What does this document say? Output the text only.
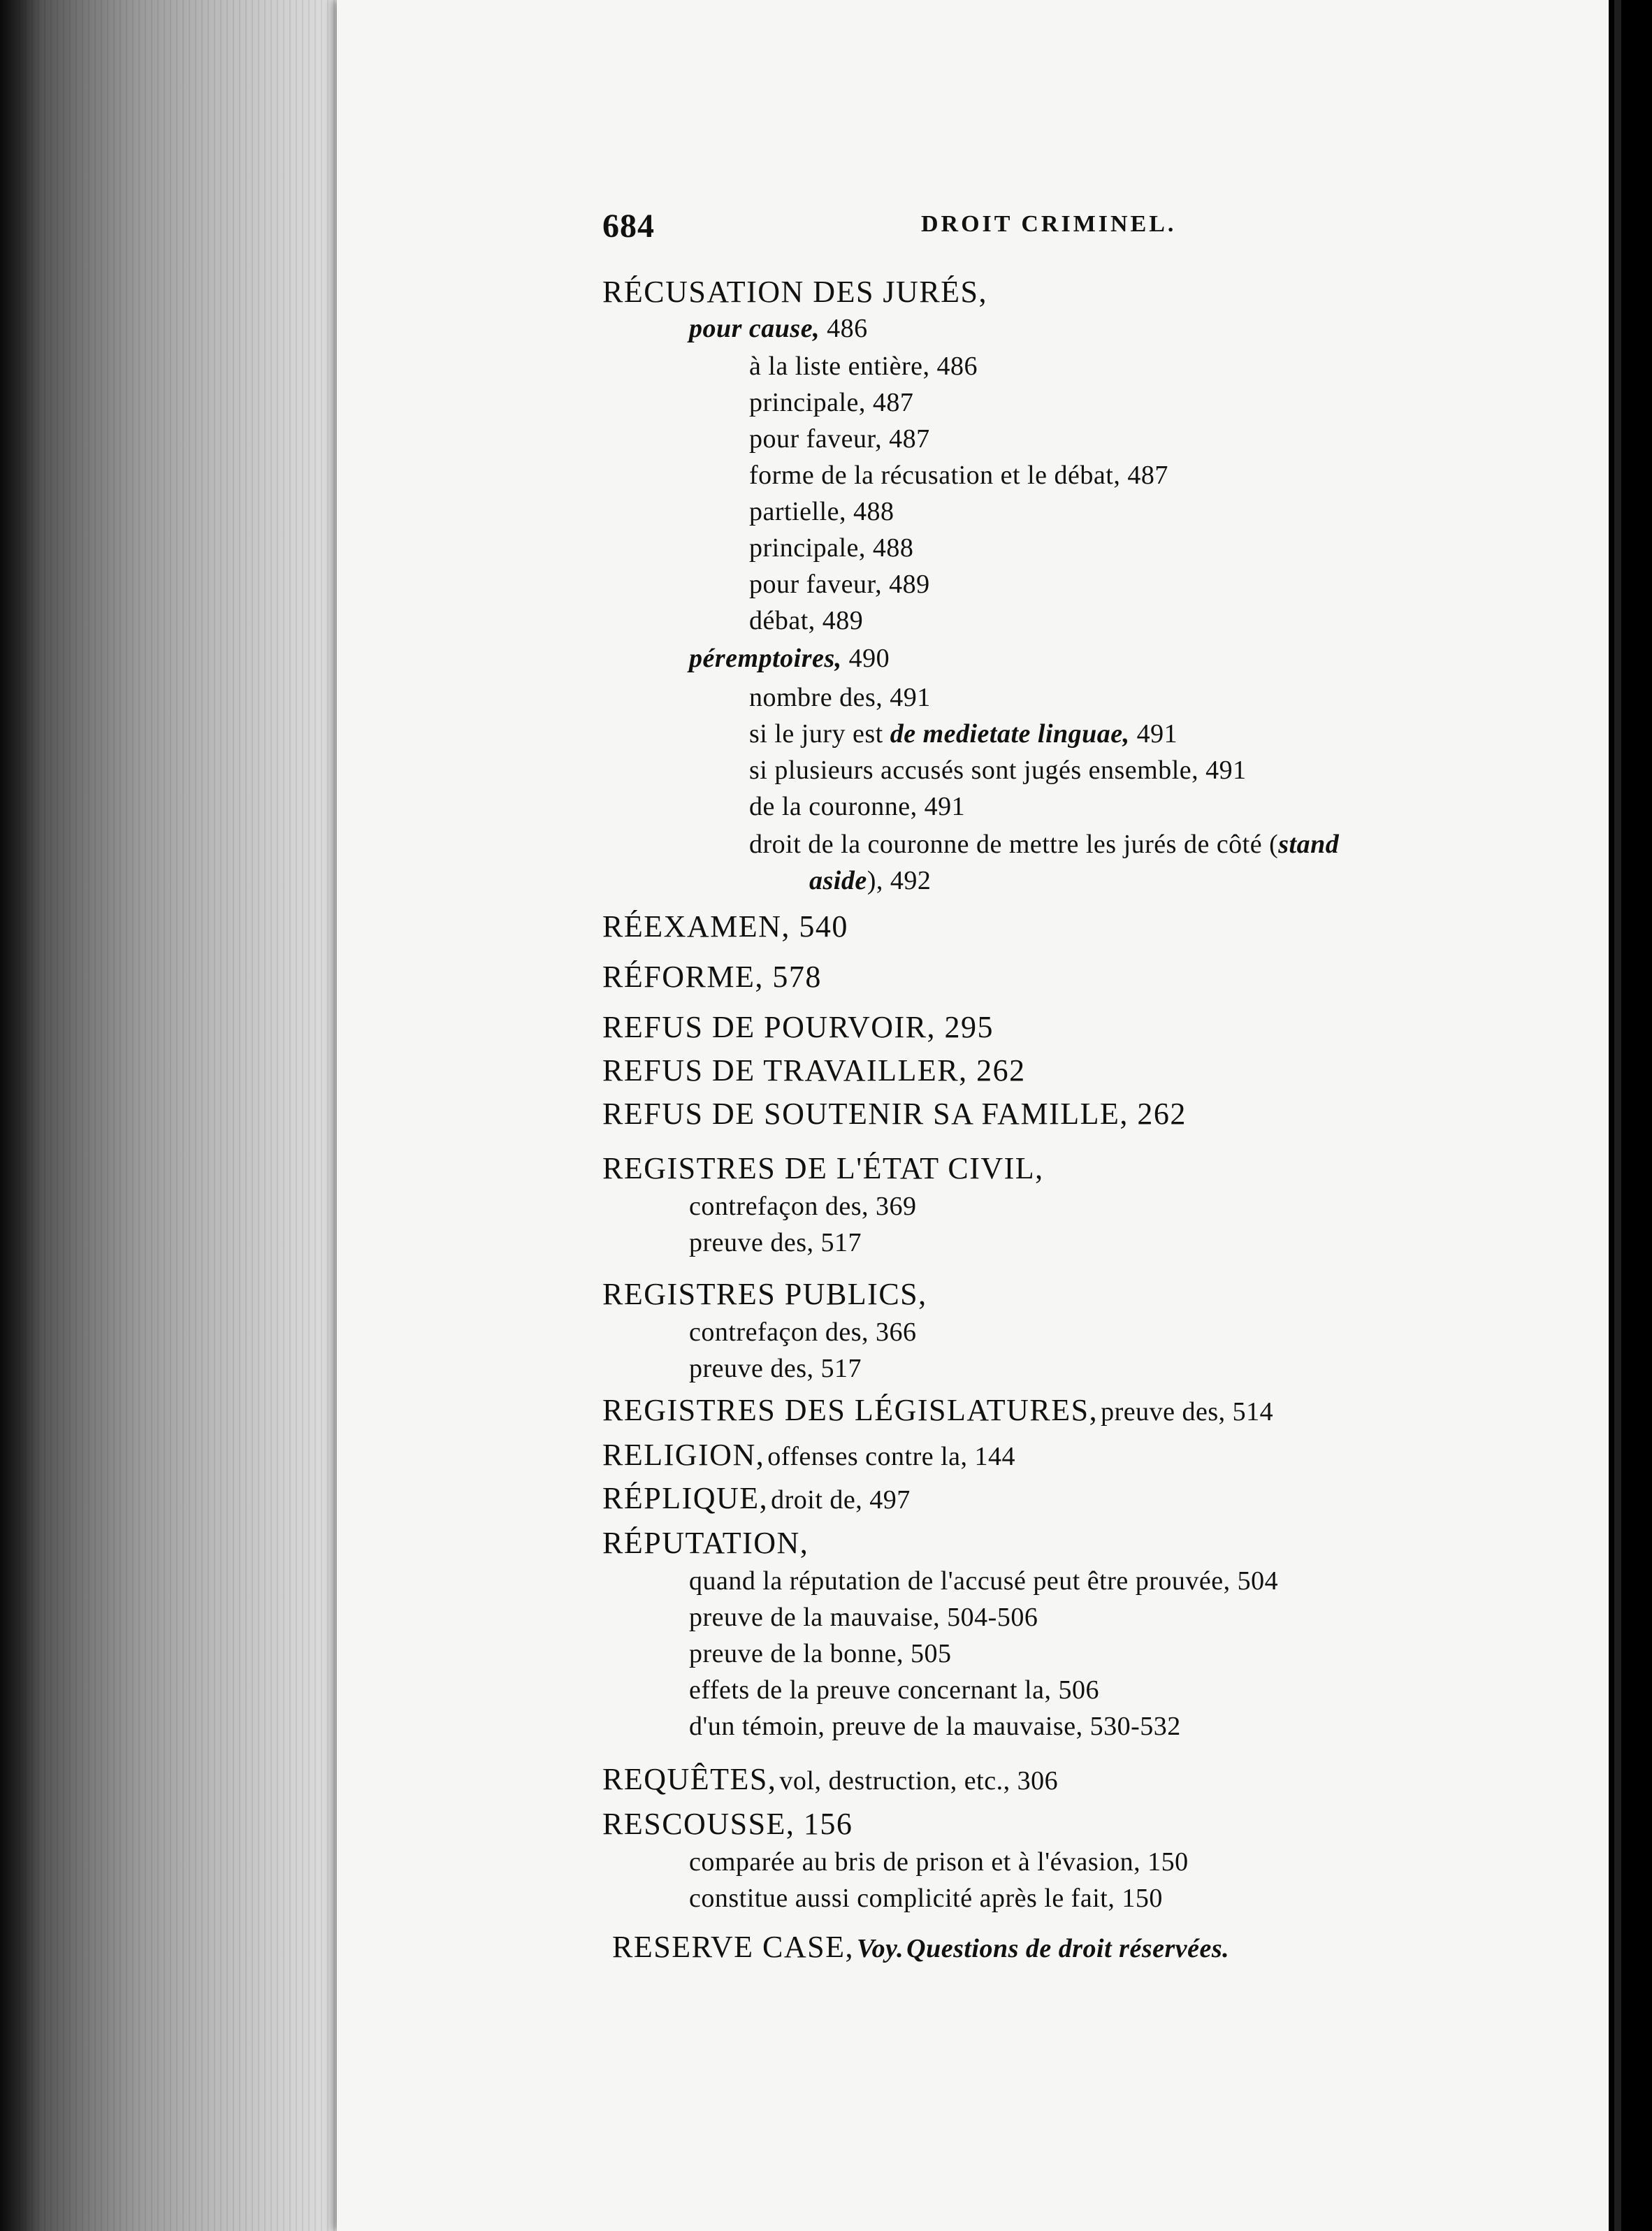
684	DROIT CRIMINEL.
RÉCUSATION DES JURÉS,
pour cause, 486
à la liste entière, 486
principale, 487
pour faveur, 487
forme de la récusation et le débat, 487
partielle, 488
principale, 488
pour faveur, 489
débat, 489
péremptoires, 490
nombre des, 491
si le jury est de medietate linguae, 491
si plusieurs accusés sont jugés ensemble, 491
de la couronne, 491
droit de la couronne de mettre les jurés de côté (stand
aside), 492
RÉEXAMEN, 540
RÉFORME, 578
REFUS DE POURVOIR, 295
REFUS DE TRAVAILLER, 262
REFUS DE SOUTENIR SA FAMILLE, 262
REGISTRES DE L'ÉTAT CIVIL,
contrefaçon des, 369
preuve des, 517
REGISTRES PUBLICS,
contrefaçon des, 366
preuve des, 517
REGISTRES DES LÉGISLATURES, preuve des, 514
RELIGION, offenses contre la, 144
RÉPLIQUE, droit de, 497
RÉPUTATION,
quand la réputation de l'accusé peut être prouvée, 504
preuve de la mauvaise, 504-506
preuve de la bonne, 505
effets de la preuve concernant la, 506
d'un témoin, preuve de la mauvaise, 530-532
REQUÊTES, vol, destruction, etc., 306
RESCOUSSE, 156
comparée au bris de prison et à l'évasion, 150
constitue aussi complicité après le fait, 150
RESERVE CASE, Voy. Questions de droit réservées.
